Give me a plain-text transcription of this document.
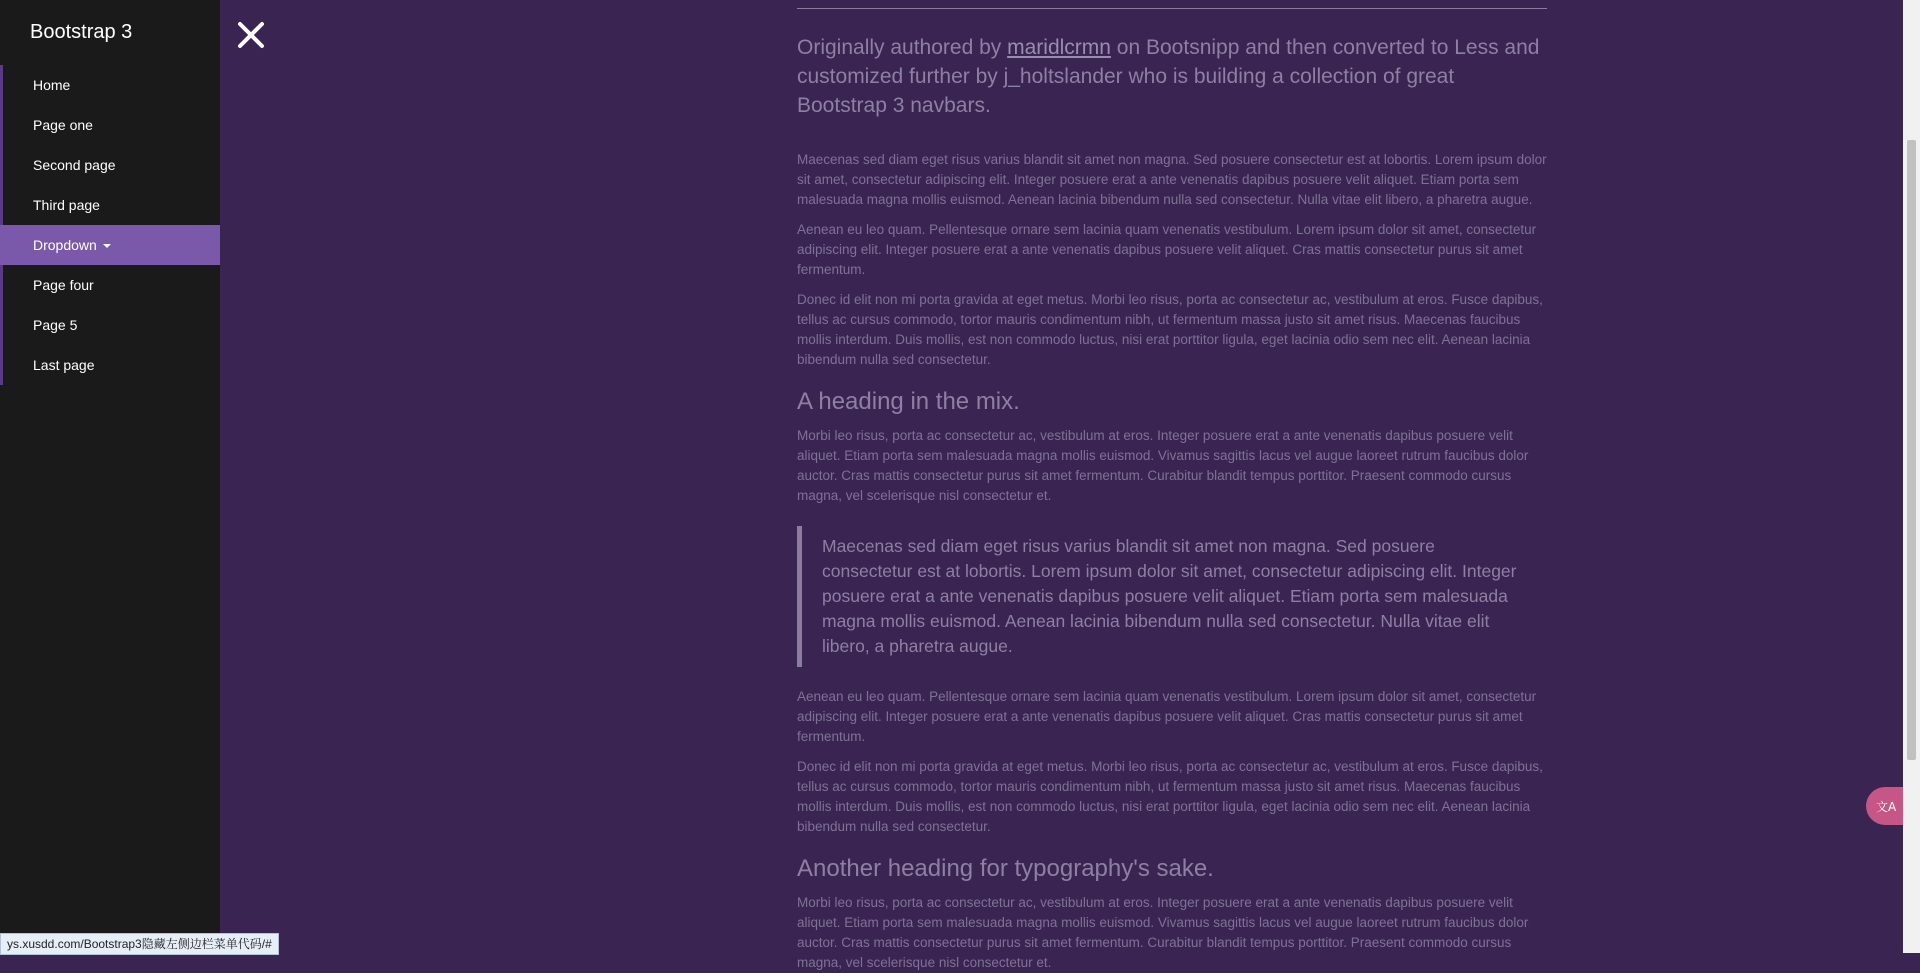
Bootstrap 3
Home
Page one
Second page
Third page
Dropdown
Page four
Page 5
Last page

Originally authored by maridlcrmn on Bootsnipp and then converted to Less and customized further by j_holtslander who is building a collection of great Bootstrap 3 navbars.

Maecenas sed diam eget risus varius blandit sit amet non magna. Sed posuere consectetur est at lobortis. Lorem ipsum dolor sit amet, consectetur adipiscing elit. Integer posuere erat a ante venenatis dapibus posuere velit aliquet. Etiam porta sem malesuada magna mollis euismod. Aenean lacinia bibendum nulla sed consectetur. Nulla vitae elit libero, a pharetra augue.

Aenean eu leo quam. Pellentesque ornare sem lacinia quam venenatis vestibulum. Lorem ipsum dolor sit amet, consectetur adipiscing elit. Integer posuere erat a ante venenatis dapibus posuere velit aliquet. Cras mattis consectetur purus sit amet fermentum.

Donec id elit non mi porta gravida at eget metus. Morbi leo risus, porta ac consectetur ac, vestibulum at eros. Fusce dapibus, tellus ac cursus commodo, tortor mauris condimentum nibh, ut fermentum massa justo sit amet risus. Maecenas faucibus mollis interdum. Duis mollis, est non commodo luctus, nisi erat porttitor ligula, eget lacinia odio sem nec elit. Aenean lacinia bibendum nulla sed consectetur.

A heading in the mix.

Morbi leo risus, porta ac consectetur ac, vestibulum at eros. Integer posuere erat a ante venenatis dapibus posuere velit aliquet. Etiam porta sem malesuada magna mollis euismod. Vivamus sagittis lacus vel augue laoreet rutrum faucibus dolor auctor. Cras mattis consectetur purus sit amet fermentum. Curabitur blandit tempus porttitor. Praesent commodo cursus magna, vel scelerisque nisl consectetur et.

Maecenas sed diam eget risus varius blandit sit amet non magna. Sed posuere consectetur est at lobortis. Lorem ipsum dolor sit amet, consectetur adipiscing elit. Integer posuere erat a ante venenatis dapibus posuere velit aliquet. Etiam porta sem malesuada magna mollis euismod. Aenean lacinia bibendum nulla sed consectetur. Nulla vitae elit libero, a pharetra augue.

Aenean eu leo quam. Pellentesque ornare sem lacinia quam venenatis vestibulum. Lorem ipsum dolor sit amet, consectetur adipiscing elit. Integer posuere erat a ante venenatis dapibus posuere velit aliquet. Cras mattis consectetur purus sit amet fermentum.

Donec id elit non mi porta gravida at eget metus. Morbi leo risus, porta ac consectetur ac, vestibulum at eros. Fusce dapibus, tellus ac cursus commodo, tortor mauris condimentum nibh, ut fermentum massa justo sit amet risus. Maecenas faucibus mollis interdum. Duis mollis, est non commodo luctus, nisi erat porttitor ligula, eget lacinia odio sem nec elit. Aenean lacinia bibendum nulla sed consectetur.

Another heading for typography's sake.

Morbi leo risus, porta ac consectetur ac, vestibulum at eros. Integer posuere erat a ante venenatis dapibus posuere velit aliquet. Etiam porta sem malesuada magna mollis euismod. Vivamus sagittis lacus vel augue laoreet rutrum faucibus dolor auctor. Cras mattis consectetur purus sit amet fermentum. Curabitur blandit tempus porttitor. Praesent commodo cursus magna, vel scelerisque nisl consectetur et.

文A
ys.xusdd.com/Bootstrap3隐藏左侧边栏菜单代码/#
